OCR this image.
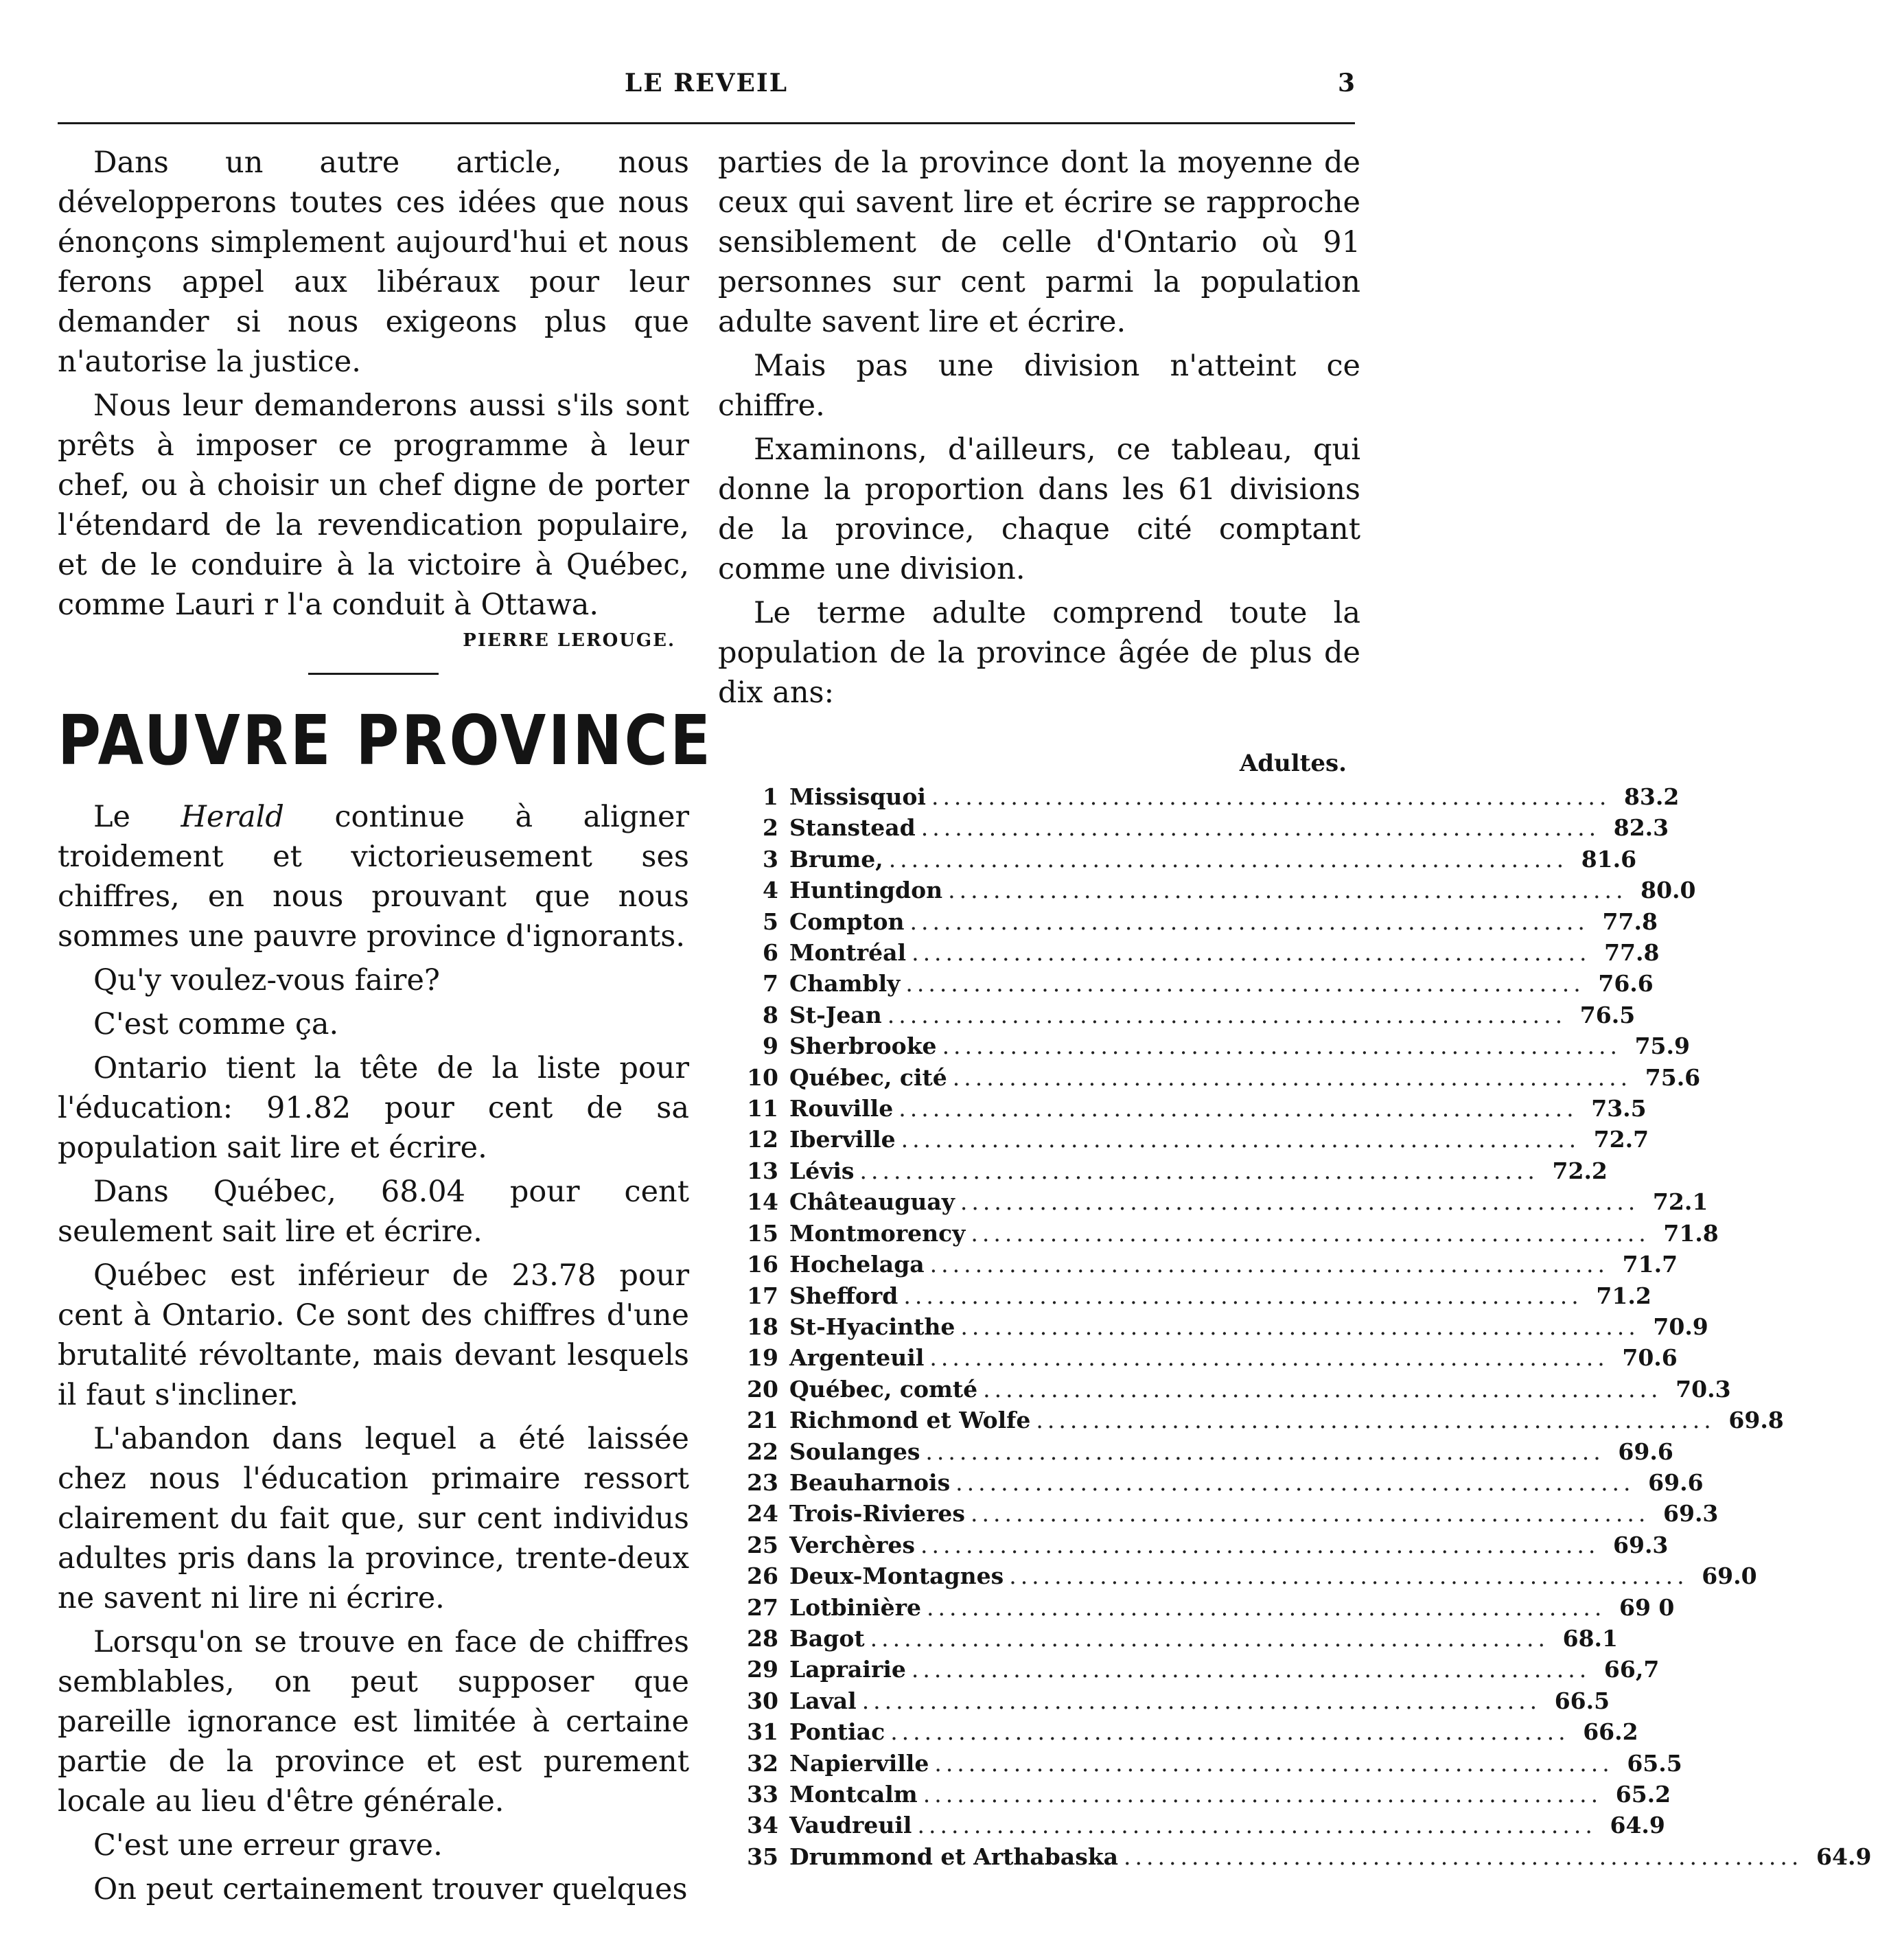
LE REVEIL	3

Dans un autre article, nous développerons toutes ces idées que nous énonçons simplement aujourd'hui et nous ferons appel aux libéraux pour leur demander si nous exigeons plus que n'autorise la justice.

Nous leur demanderons aussi s'ils sont prêts à imposer ce programme à leur chef, ou à choisir un chef digne de porter l'étendard de la revendication populaire, et de le conduire à la victoire à Québec, comme Lauri r l'a conduit à Ottawa.

PIERRE LEROUGE.
PAUVRE PROVINCE

Le Herald continue à aligner troidement et victorieusement ses chiffres, en nous prouvant que nous sommes une pauvre province d'ignorants.

Qu'y voulez-vous faire?

C'est comme ça.

Ontario tient la tête de la liste pour l'éducation: 91.82 pour cent de sa population sait lire et écrire.

Dans Québec, 68.04 pour cent seulement sait lire et écrire.

Québec est inférieur de 23.78 pour cent à Ontario. Ce sont des chiffres d'une brutalité révoltante, mais devant lesquels il faut s'incliner.

L'abandon dans lequel a été laissée chez nous l'éducation primaire ressort clairement du fait que, sur cent individus adultes pris dans la province, trente-deux ne savent ni lire ni écrire.

Lorsqu'on se trouve en face de chiffres semblables, on peut supposer que pareille ignorance est limitée à certaine partie de la province et est purement locale au lieu d'être générale.

C'est une erreur grave.

On peut certainement trouver quelques

parties de la province dont la moyenne de ceux qui savent lire et écrire se rapproche sensiblement de celle d'Ontario où 91 personnes sur cent parmi la population adulte savent lire et écrire.

Mais pas une division n'atteint ce chiffre.

Examinons, d'ailleurs, ce tableau, qui donne la proportion dans les 61 divisions de la province, chaque cité comptant comme une division.

Le terme adulte comprend toute la population de la province âgée de plus de dix ans:

Adultes.
1 Missisquoi ............................................................ 83.2
2 Stanstead ............................................................ 82.3
3 Brume, ............................................................ 81.6
4 Huntingdon ............................................................ 80.0
5 Compton ............................................................ 77.8
6 Montréal ............................................................ 77.8
7 Chambly ............................................................ 76.6
8 St-Jean ............................................................ 76.5
9 Sherbrooke ............................................................ 75.9
10 Québec, cité ............................................................ 75.6
11 Rouville ............................................................ 73.5
12 Iberville ............................................................ 72.7
13 Lévis ............................................................ 72.2
14 Châteauguay ............................................................ 72.1
15 Montmorency ............................................................ 71.8
16 Hochelaga ............................................................ 71.7
17 Shefford ............................................................ 71.2
18 St-Hyacinthe ............................................................ 70.9
19 Argenteuil ............................................................ 70.6
20 Québec, comté ............................................................ 70.3
21 Richmond et Wolfe ............................................................ 69.8
22 Soulanges ............................................................ 69.6
23 Beauharnois ............................................................ 69.6
24 Trois-Rivieres ............................................................ 69.3
25 Verchères ............................................................ 69.3
26 Deux-Montagnes ............................................................ 69.0
27 Lotbinière ............................................................ 69 0
28 Bagot ............................................................ 68.1
29 Laprairie ............................................................ 66,7
30 Laval ............................................................ 66.5
31 Pontiac ............................................................ 66.2
32 Napierville ............................................................ 65.5
33 Montcalm ............................................................ 65.2
34 Vaudreuil ............................................................ 64.9
35 Drummond et Arthabaska ............................................................ 64.9
